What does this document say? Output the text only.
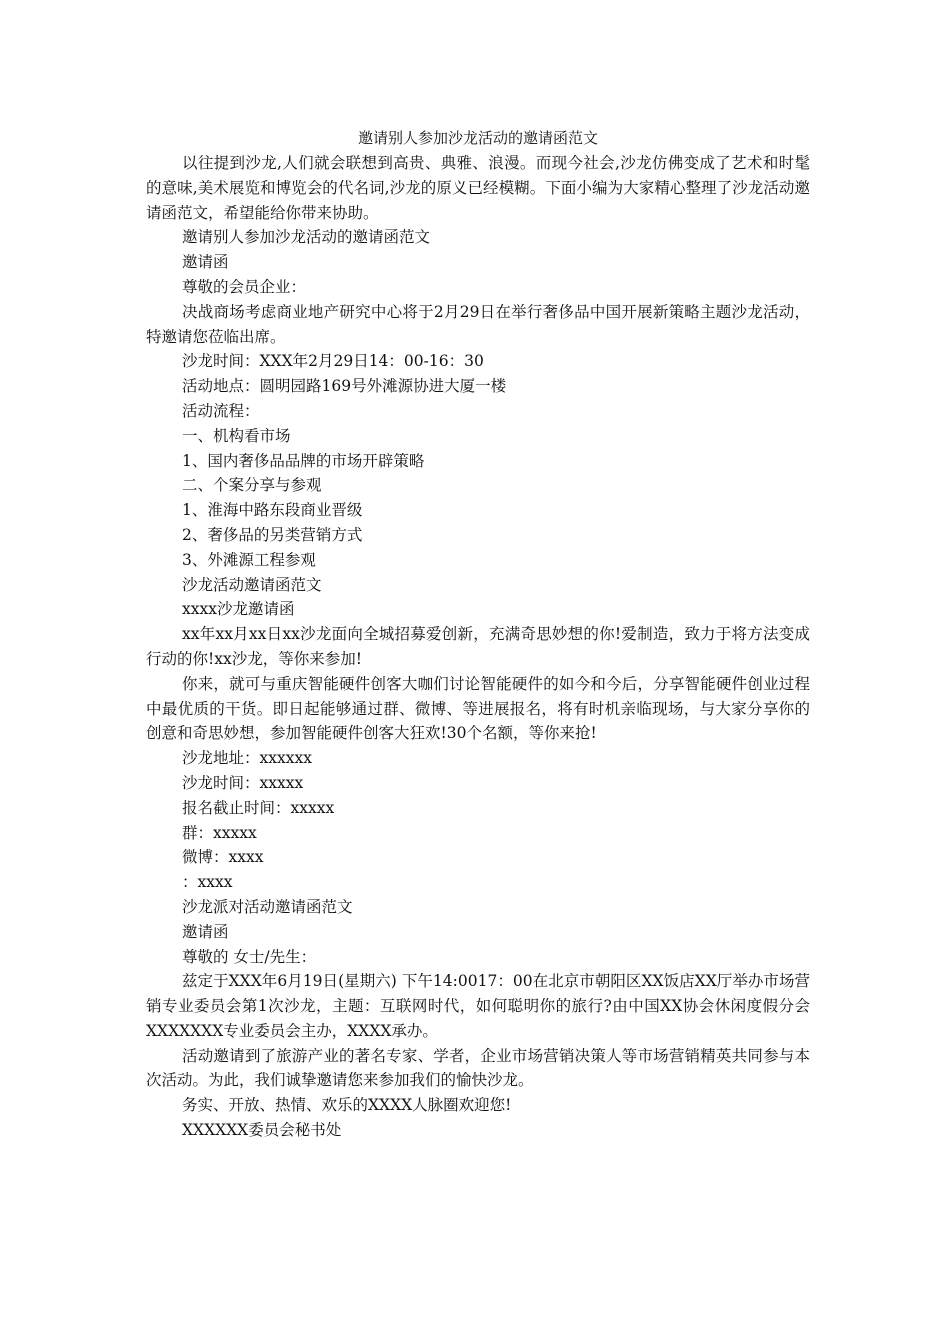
邀请别人参加沙龙活动的邀请函范文

以往提到沙龙,人们就会联想到高贵、典雅、浪漫。而现今社会,沙龙仿佛变成了艺术和时髦的意味,美术展览和博览会的代名词,沙龙的原义已经模糊。下面小编为大家精心整理了沙龙活动邀请函范文，希望能给你带来协助。

邀请别人参加沙龙活动的邀请函范文

邀请函

尊敬的会员企业：

决战商场考虑商业地产研究中心将于2月29日在举行奢侈品中国开展新策略主题沙龙活动，特邀请您莅临出席。

沙龙时间：XXX年2月29日14：00-16：30

活动地点：圆明园路169号外滩源协进大厦一楼

活动流程：

一、机构看市场

1、国内奢侈品品牌的市场开辟策略

二、个案分享与参观

1、淮海中路东段商业晋级

2、奢侈品的另类营销方式

3、外滩源工程参观

沙龙活动邀请函范文

xxxx沙龙邀请函

xx年xx月xx日xx沙龙面向全城招募爱创新，充满奇思妙想的你!爱制造，致力于将方法变成行动的你!xx沙龙，等你来参加!

你来，就可与重庆智能硬件创客大咖们讨论智能硬件的如今和今后，分享智能硬件创业过程中最优质的干货。即日起能够通过群、微博、等进展报名，将有时机亲临现场，与大家分享你的创意和奇思妙想，参加智能硬件创客大狂欢!30个名额，等你来抢!

沙龙地址：xxxxxx

沙龙时间：xxxxx

报名截止时间：xxxxx

群：xxxxx

微博：xxxx

：xxxx

沙龙派对活动邀请函范文

邀请函

尊敬的 女士/先生：

兹定于XXX年6月19日(星期六) 下午14:0017：00在北京市朝阳区XX饭店XX厅举办市场营销专业委员会第1次沙龙，主题：互联网时代，如何聪明你的旅行?由中国XX协会休闲度假分会XXXXXXX专业委员会主办，XXXX承办。

活动邀请到了旅游产业的著名专家、学者，企业市场营销决策人等市场营销精英共同参与本次活动。为此，我们诚挚邀请您来参加我们的愉快沙龙。

务实、开放、热情、欢乐的XXXX人脉圈欢迎您!

XXXXXX委员会秘书处
